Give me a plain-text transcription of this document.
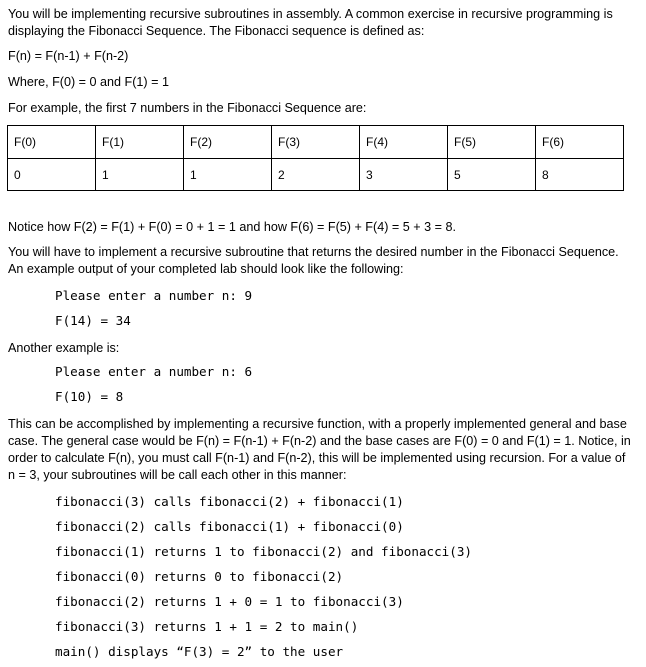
You will be implementing recursive subroutines in assembly. A common exercise in recursive programming is displaying the Fibonacci Sequence. The Fibonacci sequence is defined as:

F(n) = F(n-1) + F(n-2)

Where, F(0) = 0 and F(1) = 1

For example, the first 7 numbers in the Fibonacci Sequence are:

F(0)	F(1)	F(2)	F(3)	F(4)	F(5)	F(6)
0	1	1	2	3	5	8

Notice how F(2) = F(1) + F(0) = 0 + 1 = 1 and how F(6) = F(5) + F(4) = 5 + 3 = 8.

You will have to implement a recursive subroutine that returns the desired number in the Fibonacci Sequence. An example output of your completed lab should look like the following:

Please enter a number n: 9
F(14) = 34

Another example is:

Please enter a number n: 6
F(10) = 8

This can be accomplished by implementing a recursive function, with a properly implemented general and base case. The general case would be F(n) = F(n-1) + F(n-2) and the base cases are F(0) = 0 and F(1) = 1. Notice, in order to calculate F(n), you must call F(n-1) and F(n-2), this will be implemented using recursion. For a value of n = 3, your subroutines will be call each other in this manner:

fibonacci(3) calls fibonacci(2) + fibonacci(1)
fibonacci(2) calls fibonacci(1) + fibonacci(0)
fibonacci(1) returns 1 to fibonacci(2) and fibonacci(3)
fibonacci(0) returns 0 to fibonacci(2)
fibonacci(2) returns 1 + 0 = 1 to fibonacci(3)
fibonacci(3) returns 1 + 1 = 2 to main()
main() displays “F(3) = 2” to the user
